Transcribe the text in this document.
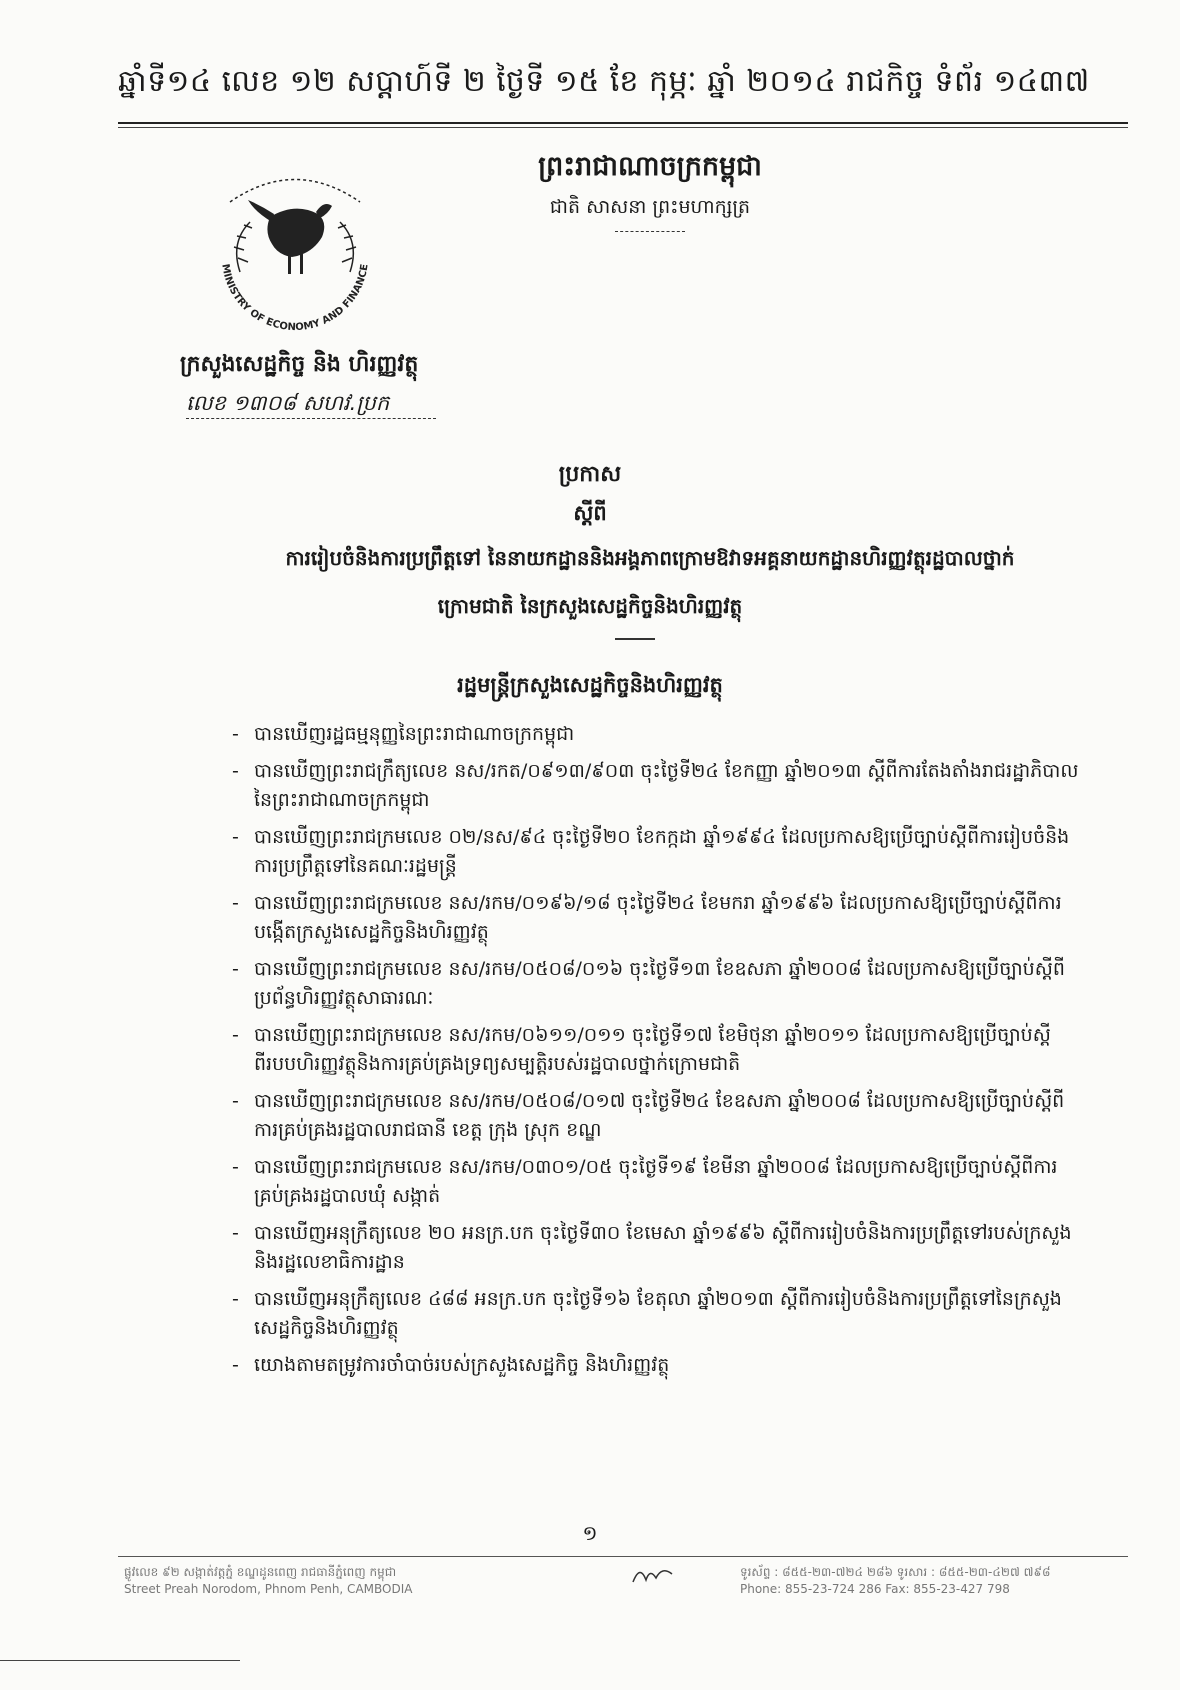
ឆ្នាំទី១៤ លេខ ១២ សប្តាហ៍ទី ២ ថ្ងៃទី ១៥ ខែ កុម្ភៈ ឆ្នាំ ២០១៤ រាជកិច្ច ទំព័រ ១៤៣៧
ព្រះរាជាណាចក្រកម្ពុជា
ជាតិ សាសនា ព្រះមហាក្សត្រ
MINISTRY OF ECONOMY AND FINANCE
ក្រសួងសេដ្ឋកិច្ច និង ហិរញ្ញវត្ថុ
លេខ ១៣០៨ សហវ.ប្រក
ប្រកាស
ស្តីពី
ការរៀបចំនិងការប្រព្រឹត្តទៅ នៃនាយកដ្ឋាននិងអង្គភាពក្រោមឱវាទអគ្គនាយកដ្ឋានហិរញ្ញវត្ថុរដ្ឋបាលថ្នាក់
ក្រោមជាតិ នៃក្រសួងសេដ្ឋកិច្ចនិងហិរញ្ញវត្ថុ
រដ្ឋមន្ត្រីក្រសួងសេដ្ឋកិច្ចនិងហិរញ្ញវត្ថុ
- បានឃើញរដ្ឋធម្មនុញ្ញនៃព្រះរាជាណាចក្រកម្ពុជា
- បានឃើញព្រះរាជក្រឹត្យលេខ នស/រកត/០៩១៣/៩០៣ ចុះថ្ងៃទី២៤ ខែកញ្ញា ឆ្នាំ២០១៣ ស្តីពីការតែងតាំងរាជរដ្ឋាភិបាលនៃព្រះរាជាណាចក្រកម្ពុជា
- បានឃើញព្រះរាជក្រមលេខ ០២/នស/៩៤ ចុះថ្ងៃទី២០ ខែកក្កដា ឆ្នាំ១៩៩៤ ដែលប្រកាសឱ្យប្រើច្បាប់ស្តីពីការរៀបចំនិងការប្រព្រឹត្តទៅនៃគណៈរដ្ឋមន្ត្រី
- បានឃើញព្រះរាជក្រមលេខ នស/រកម/០១៩៦/១៨ ចុះថ្ងៃទី២៤ ខែមករា ឆ្នាំ១៩៩៦ ដែលប្រកាសឱ្យប្រើច្បាប់ស្តីពីការបង្កើតក្រសួងសេដ្ឋកិច្ចនិងហិរញ្ញវត្ថុ
- បានឃើញព្រះរាជក្រមលេខ នស/រកម/០៥០៨/០១៦ ចុះថ្ងៃទី១៣ ខែឧសភា ឆ្នាំ២០០៨ ដែលប្រកាសឱ្យប្រើច្បាប់ស្តីពីប្រព័ន្ធហិរញ្ញវត្ថុសាធារណៈ
- បានឃើញព្រះរាជក្រមលេខ នស/រកម/០៦១១/០១១ ចុះថ្ងៃទី១៧ ខែមិថុនា ឆ្នាំ២០១១ ដែលប្រកាសឱ្យប្រើច្បាប់ស្តីពីរបបហិរញ្ញវត្ថុនិងការគ្រប់គ្រងទ្រព្យសម្បត្តិរបស់រដ្ឋបាលថ្នាក់ក្រោមជាតិ
- បានឃើញព្រះរាជក្រមលេខ នស/រកម/០៥០៨/០១៧ ចុះថ្ងៃទី២៤ ខែឧសភា ឆ្នាំ២០០៨ ដែលប្រកាសឱ្យប្រើច្បាប់ស្តីពីការគ្រប់គ្រងរដ្ឋបាលរាជធានី ខេត្ត ក្រុង ស្រុក ខណ្ឌ
- បានឃើញព្រះរាជក្រមលេខ នស/រកម/០៣០១/០៥ ចុះថ្ងៃទី១៩ ខែមីនា ឆ្នាំ២០០៨ ដែលប្រកាសឱ្យប្រើច្បាប់ស្តីពីការគ្រប់គ្រងរដ្ឋបាលឃុំ សង្កាត់
- បានឃើញអនុក្រឹត្យលេខ ២០ អនក្រ.បក ចុះថ្ងៃទី៣០ ខែមេសា ឆ្នាំ១៩៩៦ ស្តីពីការរៀបចំនិងការប្រព្រឹត្តទៅរបស់ក្រសួងនិងរដ្ឋលេខាធិការដ្ឋាន
- បានឃើញអនុក្រឹត្យលេខ ៤៨៨ អនក្រ.បក ចុះថ្ងៃទី១៦ ខែតុលា ឆ្នាំ២០១៣ ស្តីពីការរៀបចំនិងការប្រព្រឹត្តទៅនៃក្រសួងសេដ្ឋកិច្ចនិងហិរញ្ញវត្ថុ
- យោងតាមតម្រូវការចាំបាច់របស់ក្រសួងសេដ្ឋកិច្ច និងហិរញ្ញវត្ថុ
១
ផ្លូវលេខ ៩២ សង្កាត់វត្តភ្នំ ខណ្ឌដូនពេញ រាជធានីភ្នំពេញ កម្ពុជា
Street Preah Norodom, Phnom Penh, CAMBODIA
ទូរស័ព្ទ : ៨៥៥-២៣-៧២៤ ២៨៦ ទូរសារ : ៨៥៥-២៣-៤២៧ ៧៩៨
Phone: 855-23-724 286 Fax: 855-23-427 798
